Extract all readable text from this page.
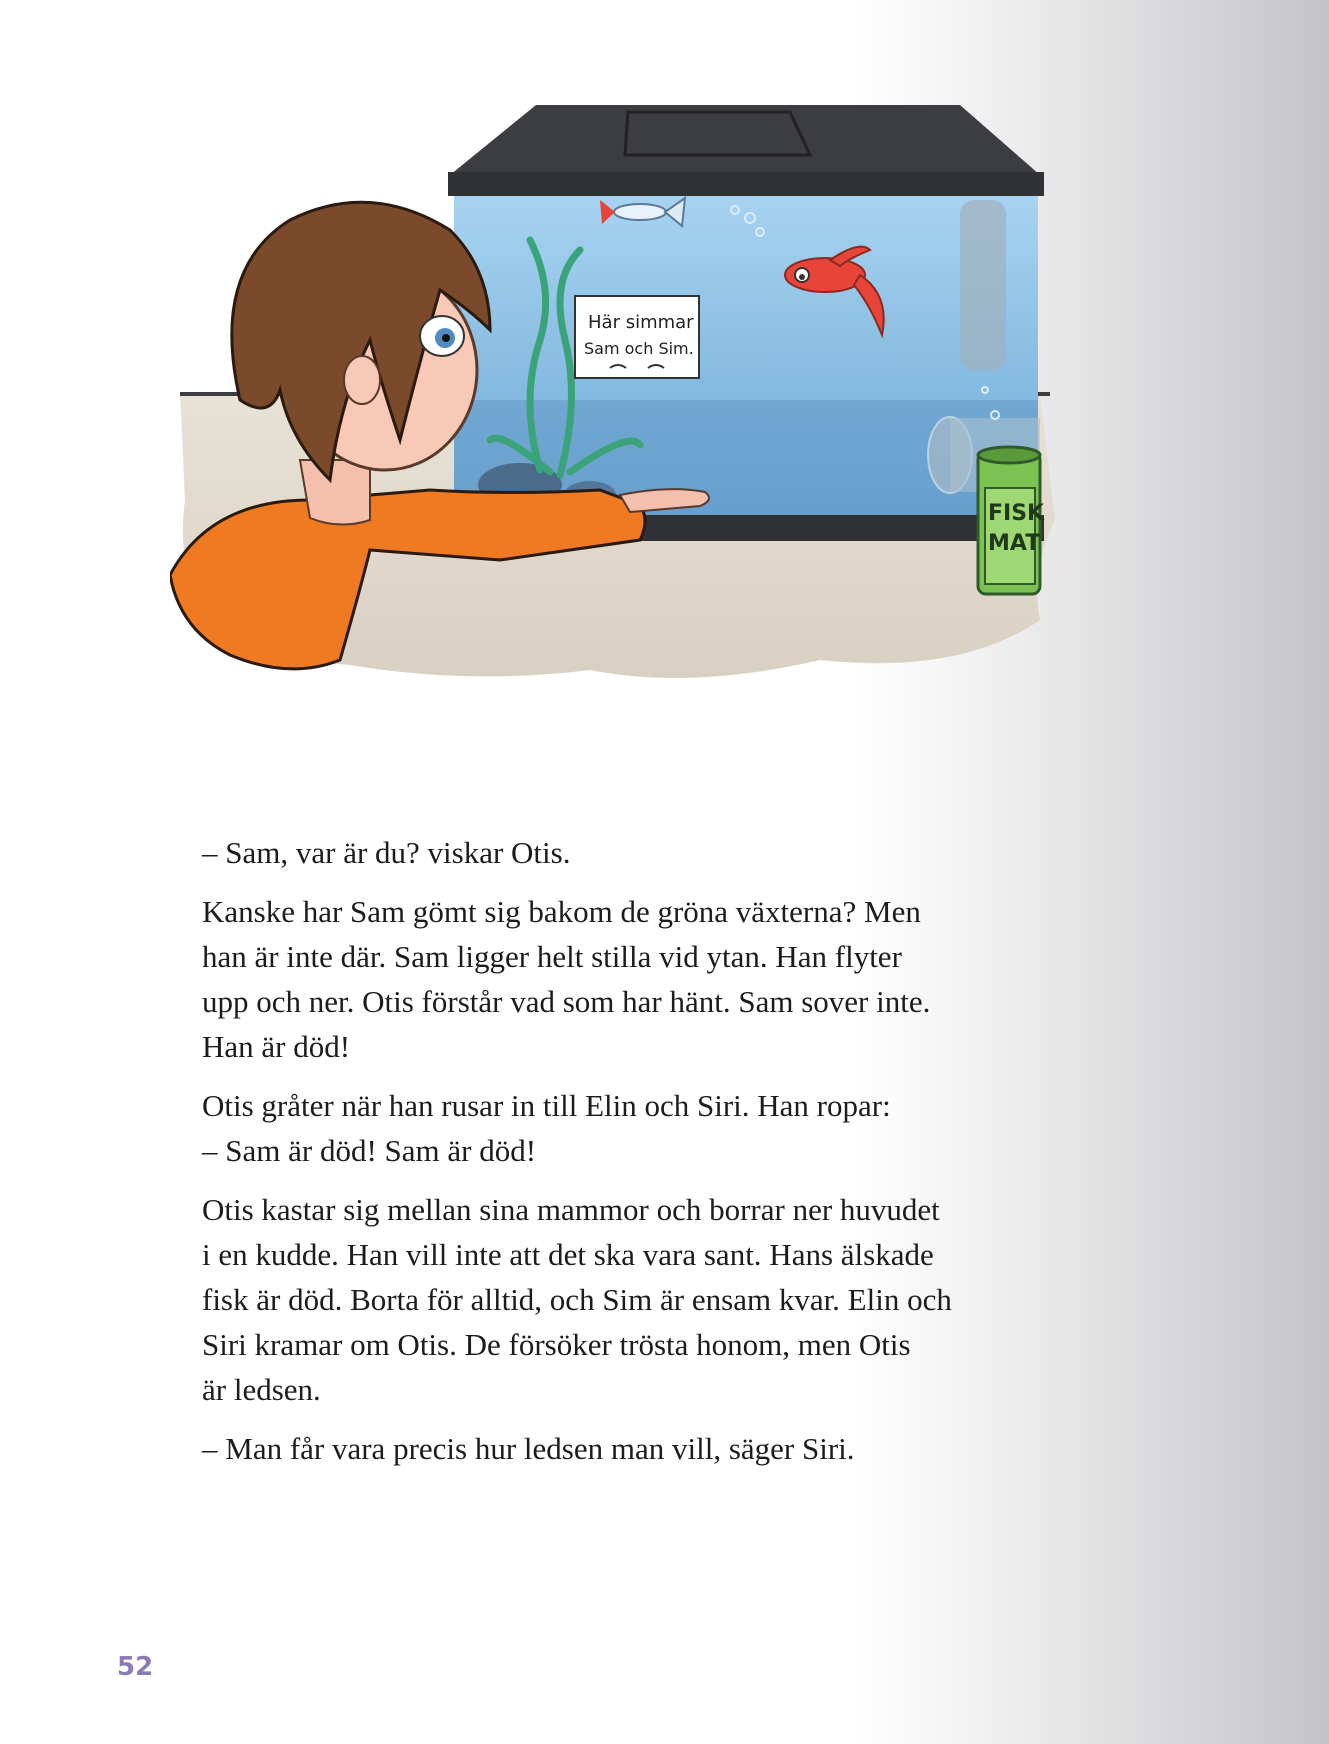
Här simmar
Sam och Sim.
FISK
MAT

– Sam, var är du? viskar Otis.

Kanske har Sam gömt sig bakom de gröna växterna? Men
han är inte där. Sam ligger helt stilla vid ytan. Han flyter
upp och ner. Otis förstår vad som har hänt. Sam sover inte.
Han är död!

Otis gråter när han rusar in till Elin och Siri. Han ropar:
– Sam är död! Sam är död!

Otis kastar sig mellan sina mammor och borrar ner huvudet
i en kudde. Han vill inte att det ska vara sant. Hans älskade
fisk är död. Borta för alltid, och Sim är ensam kvar. Elin och
Siri kramar om Otis. De försöker trösta honom, men Otis
är ledsen.

– Man får vara precis hur ledsen man vill, säger Siri.

52
